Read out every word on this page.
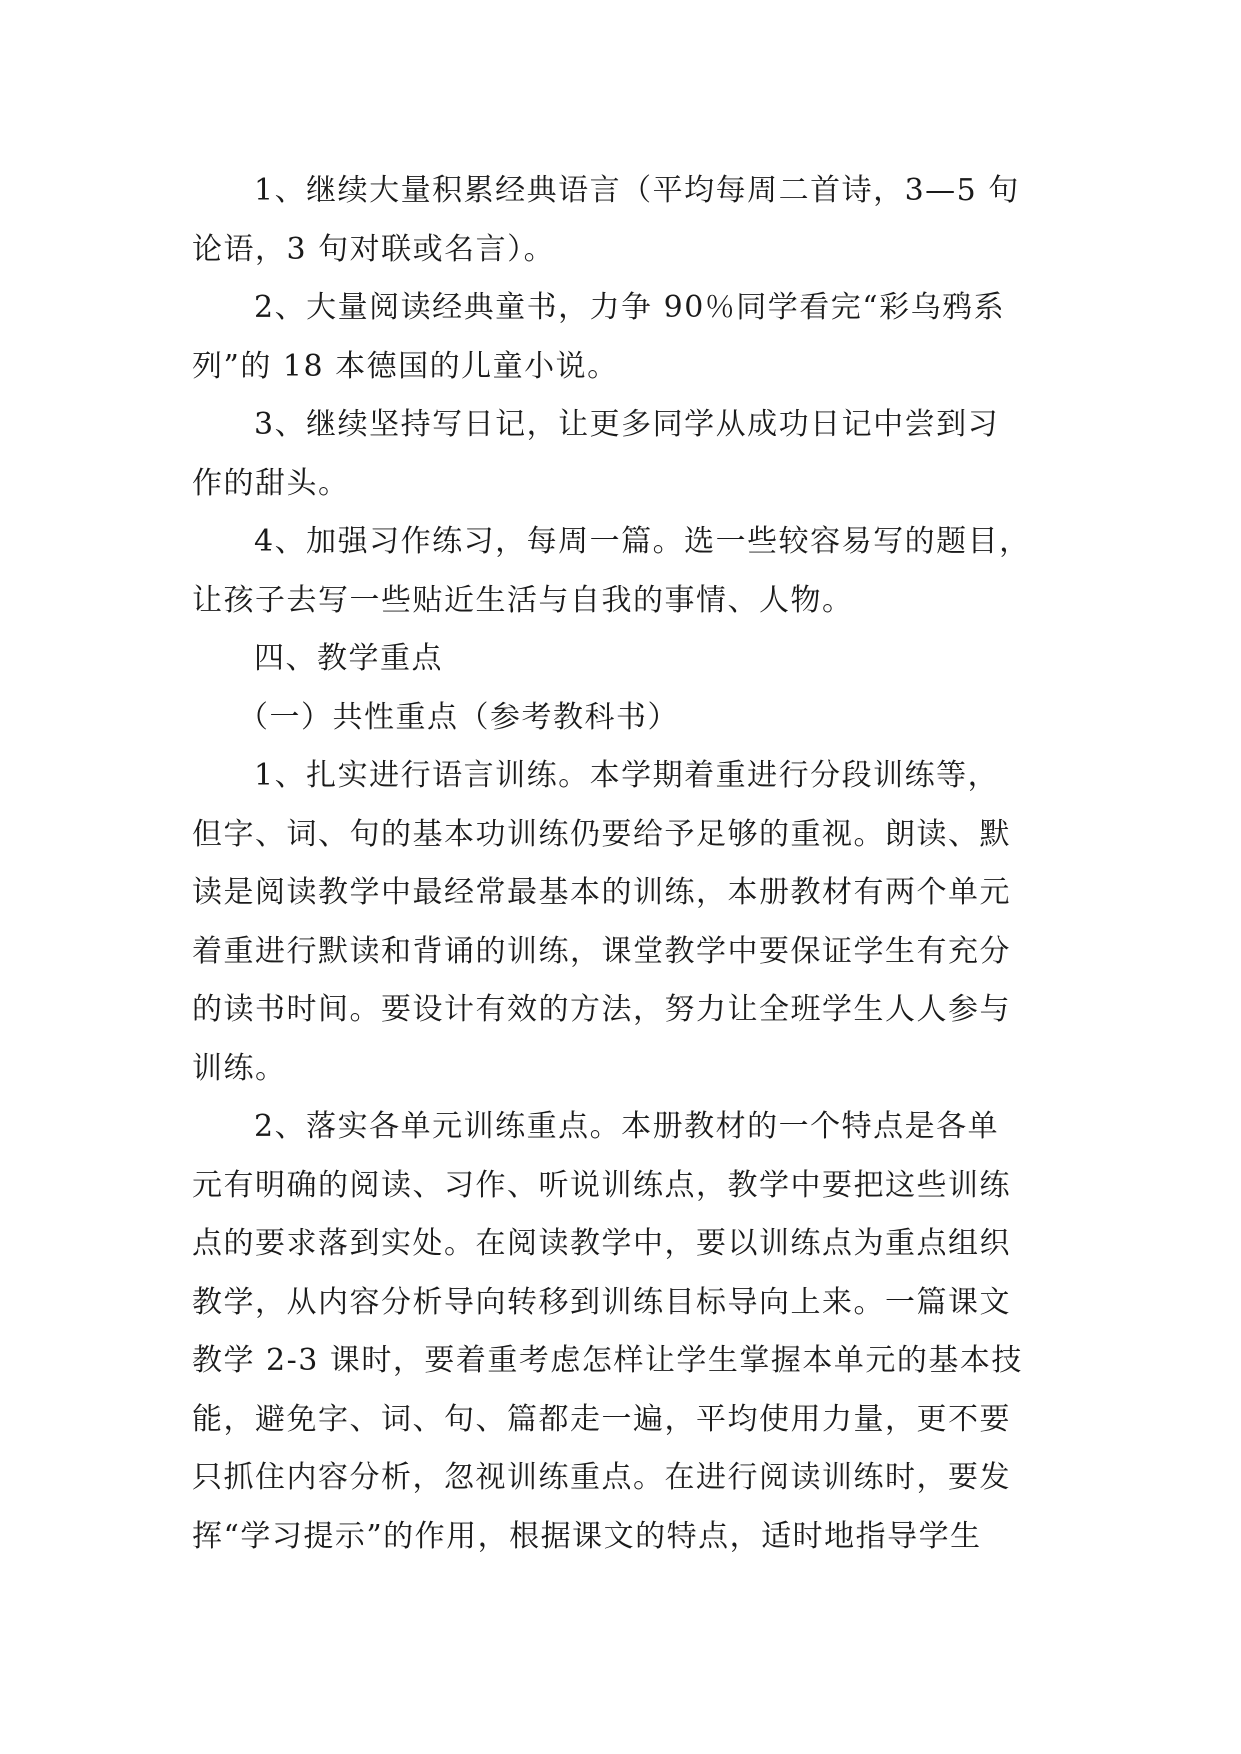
1、继续大量积累经典语言（平均每周二首诗，3—5 句
论语，3 句对联或名言）。
2、大量阅读经典童书，力争 90％同学看完“彩乌鸦系
列”的 18 本德国的儿童小说。
3、继续坚持写日记，让更多同学从成功日记中尝到习
作的甜头。
4、加强习作练习，每周一篇。选一些较容易写的题目，
让孩子去写一些贴近生活与自我的事情、人物。
四、教学重点
（一）共性重点（参考教科书）
1、扎实进行语言训练。本学期着重进行分段训练等，
但字、词、句的基本功训练仍要给予足够的重视。朗读、默
读是阅读教学中最经常最基本的训练，本册教材有两个单元
着重进行默读和背诵的训练，课堂教学中要保证学生有充分
的读书时间。要设计有效的方法，努力让全班学生人人参与
训练。
2、落实各单元训练重点。本册教材的一个特点是各单
元有明确的阅读、习作、听说训练点，教学中要把这些训练
点的要求落到实处。在阅读教学中，要以训练点为重点组织
教学，从内容分析导向转移到训练目标导向上来。一篇课文
教学 2-3 课时，要着重考虑怎样让学生掌握本单元的基本技
能，避免字、词、句、篇都走一遍，平均使用力量，更不要
只抓住内容分析，忽视训练重点。在进行阅读训练时，要发
挥“学习提示”的作用，根据课文的特点，适时地指导学生
